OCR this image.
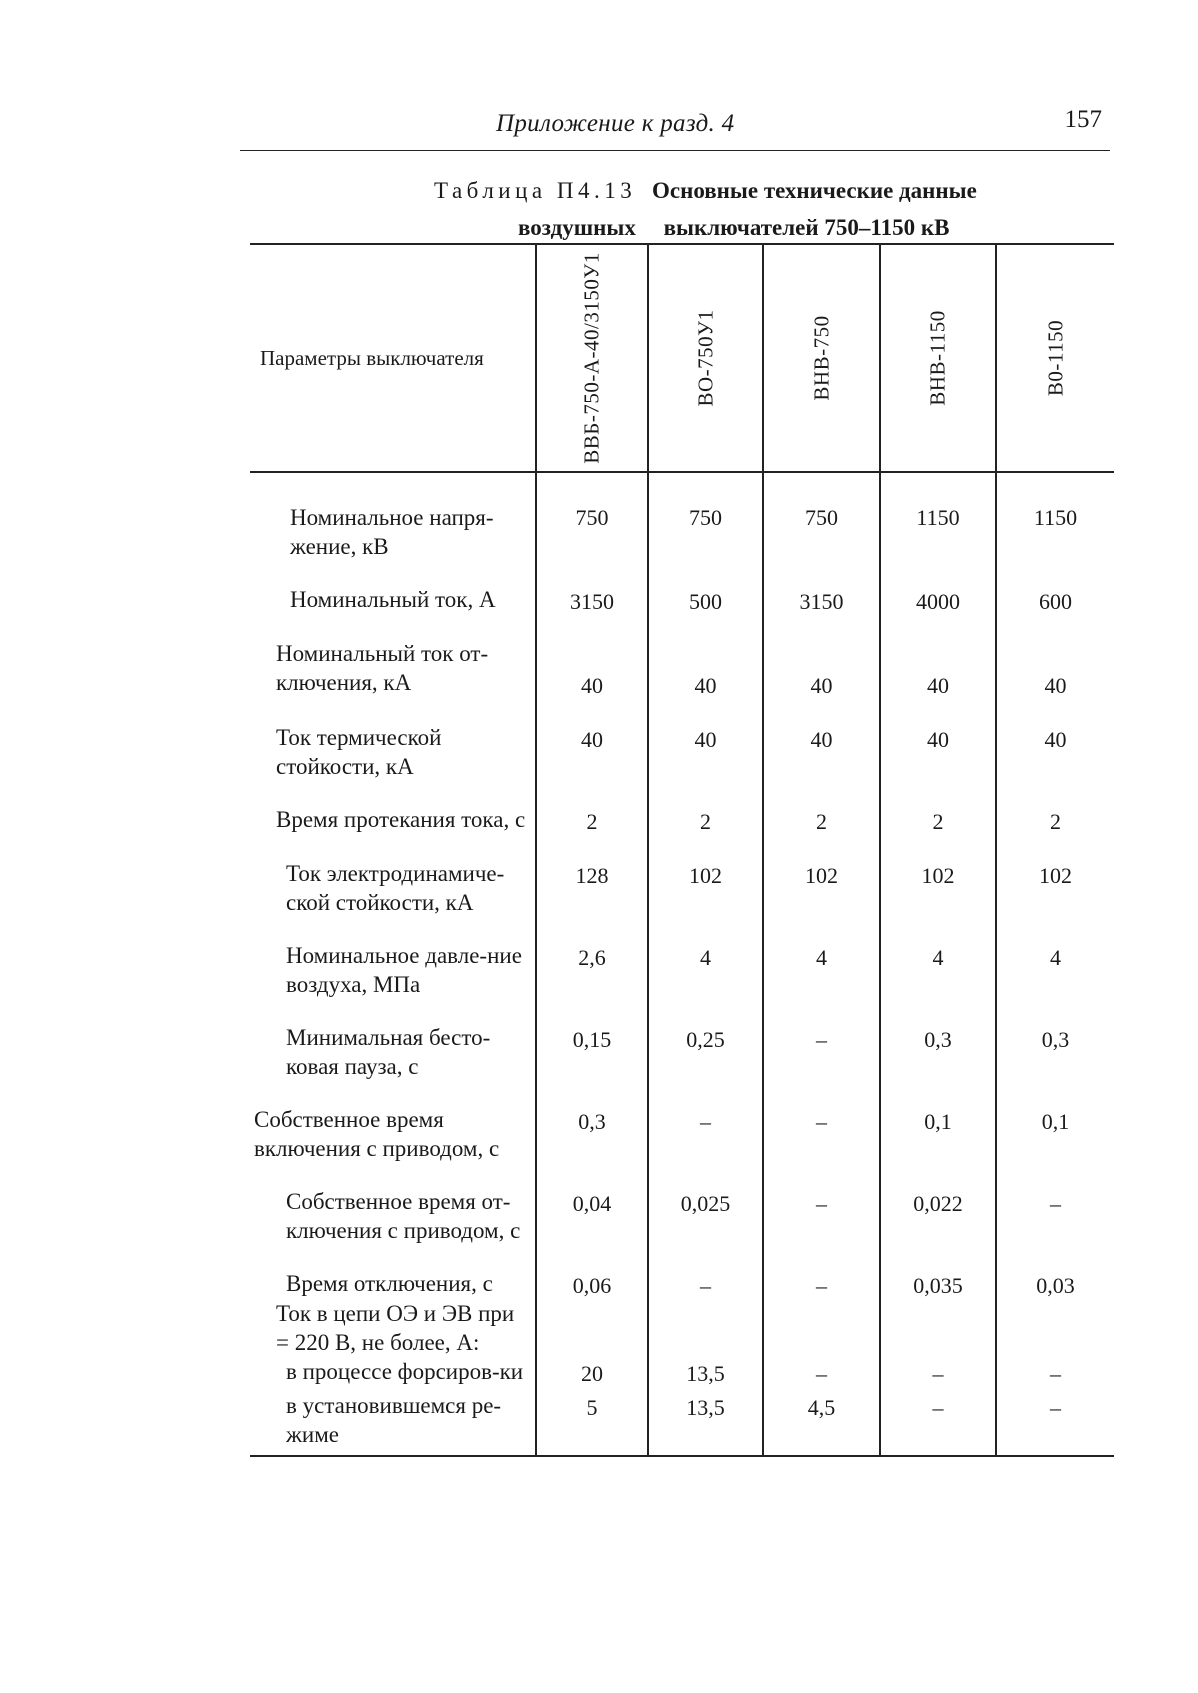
Приложение к разд. 4	157
Таблица П4.13 Основные технические данные
воздушных выключателей 750–1150 кВ
Параметры выключателя	ВВБ-750-А-40/3150У1	ВО-750У1	ВНВ-750	ВНВ-1150	В0-1150

Номинальное напря-жение, кВ	750	750	750	1150	1150
Номинальный ток, А	3150	500	3150	4000	600
Номинальный ток от-ключения, кА	40	40	40	40	40
Ток термической стойкости, кА	40	40	40	40	40
Время протекания тока, с	2	2	2	2	2
Ток электродинамиче-ской стойкости, кА	128	102	102	102	102
Номинальное давле-ние воздуха, МПа	2,6	4	4	4	4
Минимальная бесто-ковая пауза, с	0,15	0,25	–	0,3	0,3
Собственное время включения с приводом, с	0,3	–	–	0,1	0,1
Собственное время от-ключения с приводом, с	0,04	0,025	–	0,022	–
Время отключения, с	0,06	–	–	0,035	0,03
Ток в цепи ОЭ и ЭВ при = 220 В, не более, А:					
в процессе форсиров-ки	20	13,5	–	–	–
в установившемся ре-жиме	5	13,5	4,5	–	–
